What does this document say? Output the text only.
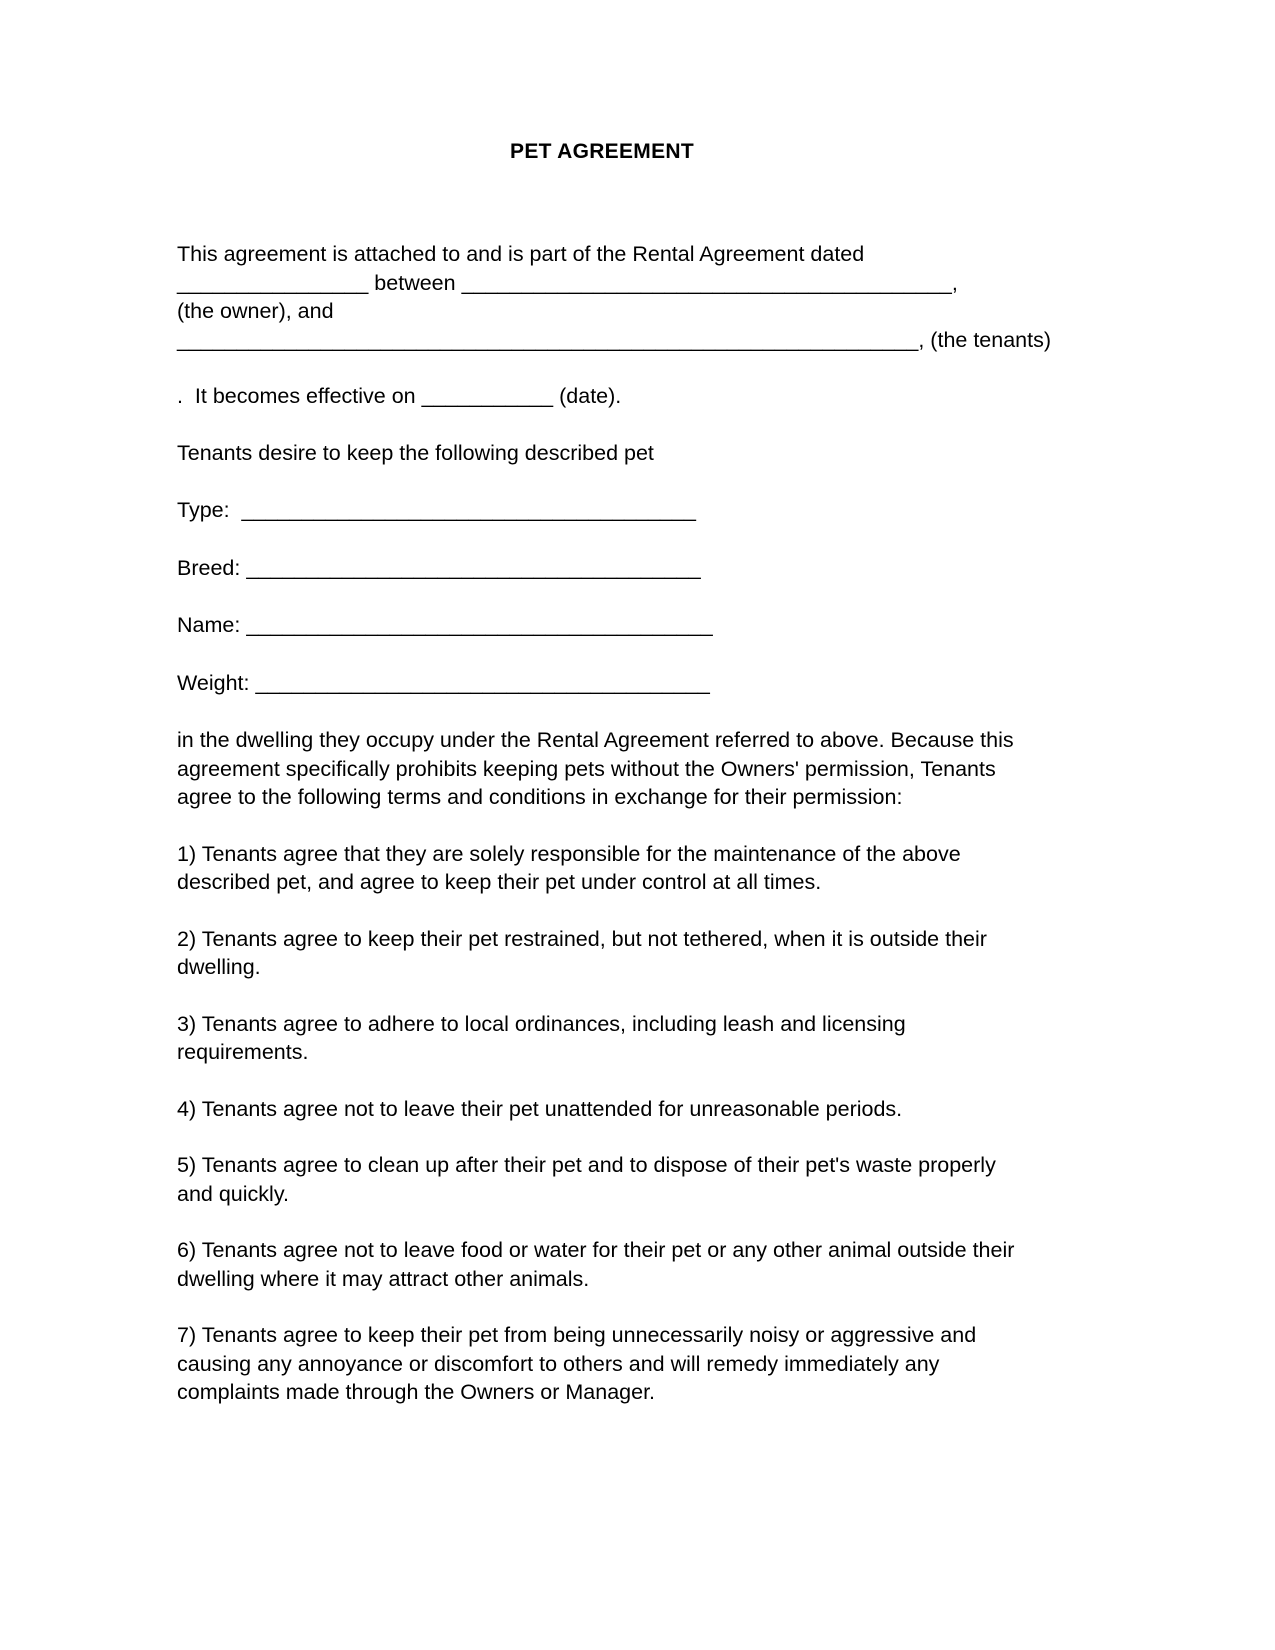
PET AGREEMENT

This agreement is attached to and is part of the Rental Agreement dated

________________ between _________________________________________,

(the owner), and

______________________________________________________________, (the tenants)

.  It becomes effective on ___________ (date).

Tenants desire to keep the following described pet

Type: ______________________________________

Breed: ______________________________________

Name: _______________________________________

Weight: ______________________________________

in the dwelling they occupy under the Rental Agreement referred to above. Because this agreement specifically prohibits keeping pets without the Owners' permission, Tenants agree to the following terms and conditions in exchange for their permission:

1) Tenants agree that they are solely responsible for the maintenance of the above described pet, and agree to keep their pet under control at all times.

2) Tenants agree to keep their pet restrained, but not tethered, when it is outside their dwelling.

3) Tenants agree to adhere to local ordinances, including leash and licensing requirements.

4) Tenants agree not to leave their pet unattended for unreasonable periods.

5) Tenants agree to clean up after their pet and to dispose of their pet's waste properly and quickly.

6) Tenants agree not to leave food or water for their pet or any other animal outside their dwelling where it may attract other animals.

7) Tenants agree to keep their pet from being unnecessarily noisy or aggressive and causing any annoyance or discomfort to others and will remedy immediately any complaints made through the Owners or Manager.
